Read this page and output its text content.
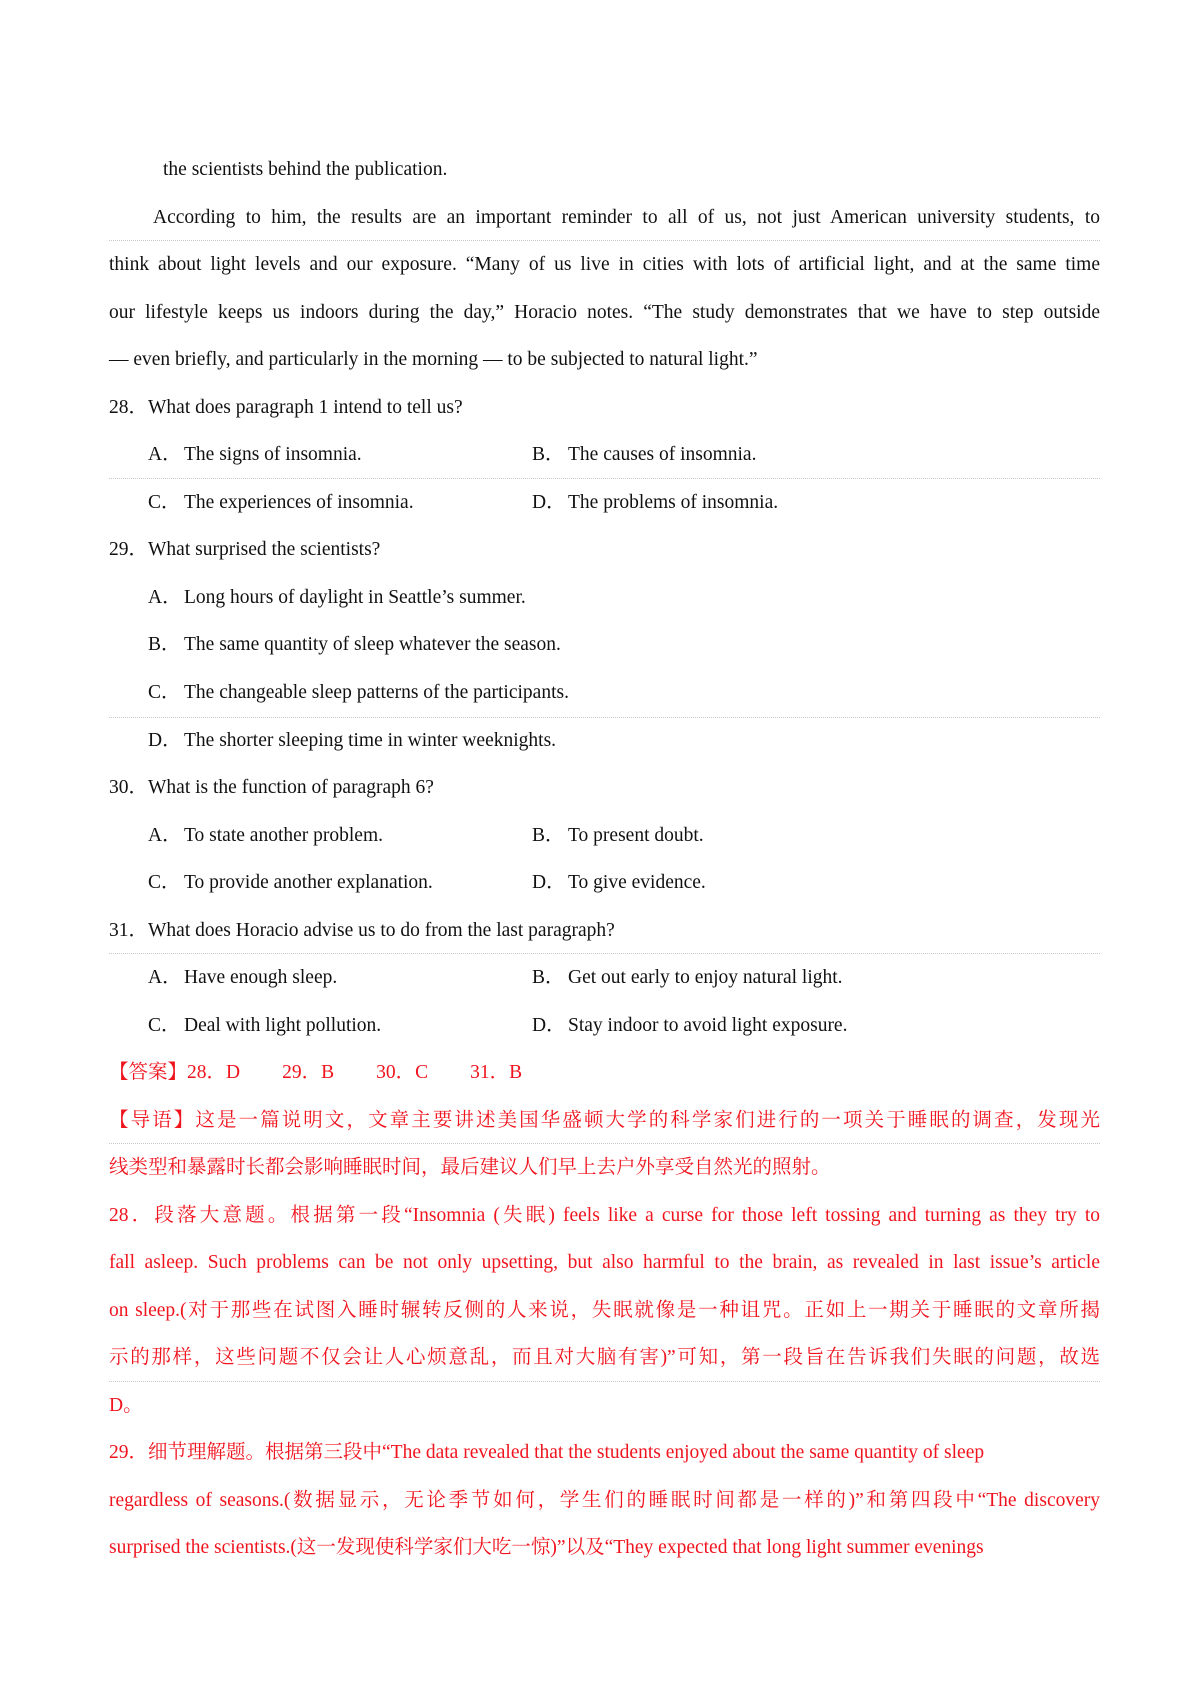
the scientists behind the publication.
According to him, the results are an important reminder to all of us, not just American university students, to
think about light levels and our exposure. “Many of us live in cities with lots of artificial light, and at the same time
our lifestyle keeps us indoors during the day,” Horacio notes. “The study demonstrates that we have to step outside
— even briefly, and particularly in the morning — to be subjected to natural light.”
28．What does paragraph 1 intend to tell us?
A． The signs of insomnia.	B． The causes of insomnia.
C． The experiences of insomnia.	D． The problems of insomnia.
29．What surprised the scientists?
A． Long hours of daylight in Seattle’s summer.
B． The same quantity of sleep whatever the season.
C． The changeable sleep patterns of the participants.
D． The shorter sleeping time in winter weeknights.
30．What is the function of paragraph 6?
A． To state another problem.	B． To present doubt.
C． To provide another explanation.	D． To give evidence.
31．What does Horacio advise us to do from the last paragraph?
A． Have enough sleep.	B． Get out early to enjoy natural light.
C． Deal with light pollution.	D． Stay indoor to avoid light exposure.
【答案】28．D 29．B 30．C 31．B
【导语】这是一篇说明文，文章主要讲述美国华盛顿大学的科学家们进行的一项关于睡眠的调查，发现光
线类型和暴露时长都会影响睡眠时间，最后建议人们早上去户外享受自然光的照射。
28．段落大意题。根据第一段“Insomnia (失眠) feels like a curse for those left tossing and turning as they try to
fall asleep. Such problems can be not only upsetting, but also harmful to the brain, as revealed in last issue’s article
on sleep.(对于那些在试图入睡时辗转反侧的人来说，失眠就像是一种诅咒。正如上一期关于睡眠的文章所揭
示的那样，这些问题不仅会让人心烦意乱，而且对大脑有害)”可知，第一段旨在告诉我们失眠的问题，故选
D。
29．细节理解题。根据第三段中“The data revealed that the students enjoyed about the same quantity of sleep
regardless of seasons.(数据显示，无论季节如何，学生们的睡眠时间都是一样的)”和第四段中“The discovery
surprised the scientists.(这一发现使科学家们大吃一惊)”以及“They expected that long light summer evenings
